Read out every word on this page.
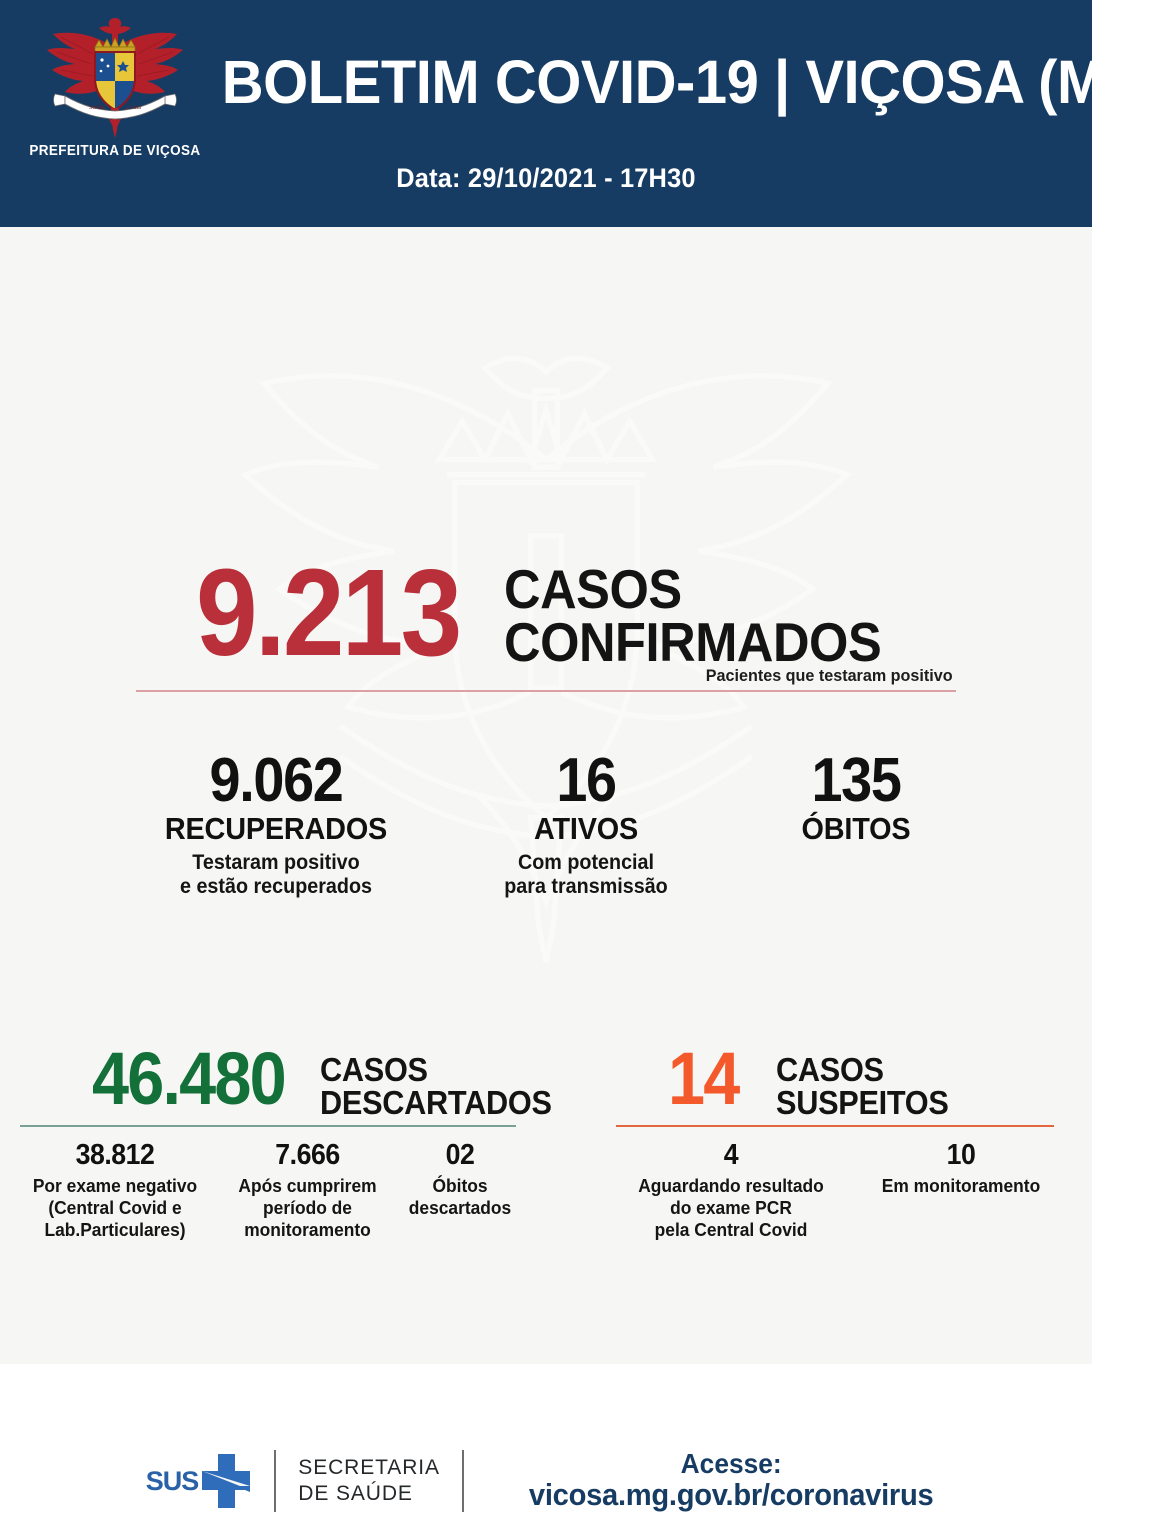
Sertão	Luta
PREFEITURA DE VIÇOSA
BOLETIM COVID-19 | VIÇOSA (MG)
Data: 29/10/2021 - 17H30
9.213 CASOS
CONFIRMADOS
Pacientes que testaram positivo
9.062
RECUPERADOS
Testaram positivo
e estão recuperados
16
ATIVOS
Com potencial
para transmissão
135
ÓBITOS
46.480 CASOS
DESCARTADOS
38.812
Por exame negativo
(Central Covid e
Lab.Particulares)
7.666
Após cumprirem
período de
monitoramento
02
Óbitos
descartados
14 CASOS
SUSPEITOS
4
Aguardando resultado
do exame PCR
pela Central Covid
10
Em monitoramento
SUS	SECRETARIA
DE SAÚDE
Acesse:
vicosa.mg.gov.br/coronavirus
